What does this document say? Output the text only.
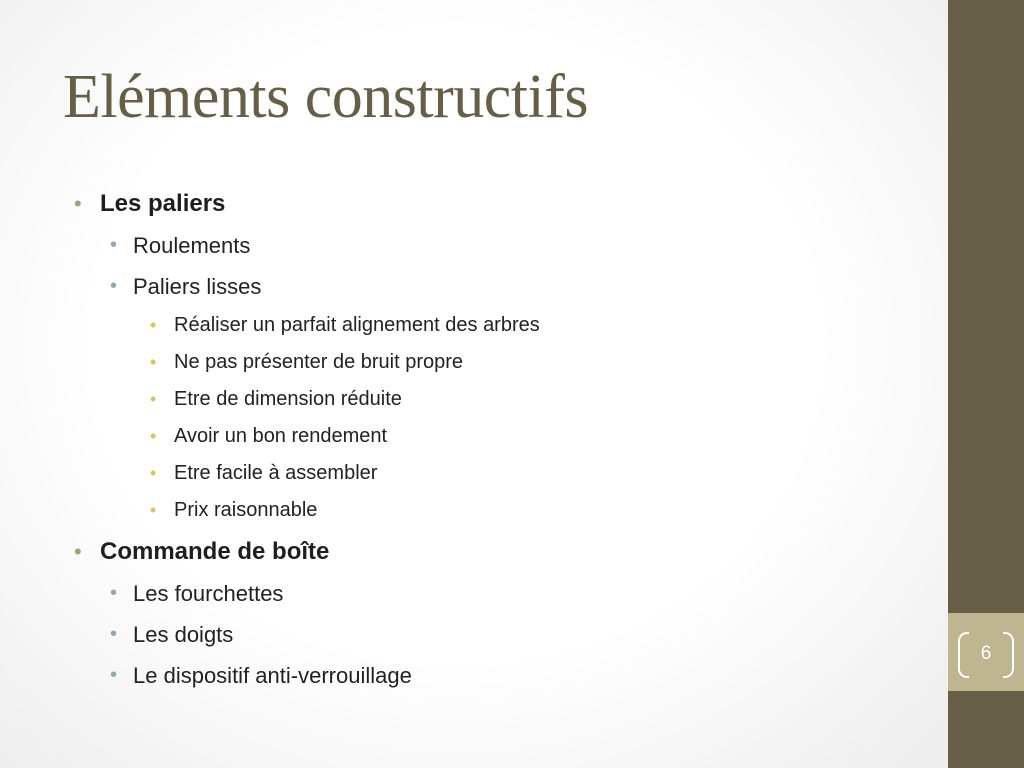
6
Eléments constructifs
• Les paliers
• Roulements
• Paliers lisses
• Réaliser un parfait alignement des arbres
• Ne pas présenter de bruit propre
• Etre de dimension réduite
• Avoir un bon rendement
• Etre facile à assembler
• Prix raisonnable
• Commande de boîte
• Les fourchettes
• Les doigts
• Le dispositif anti-verrouillage
